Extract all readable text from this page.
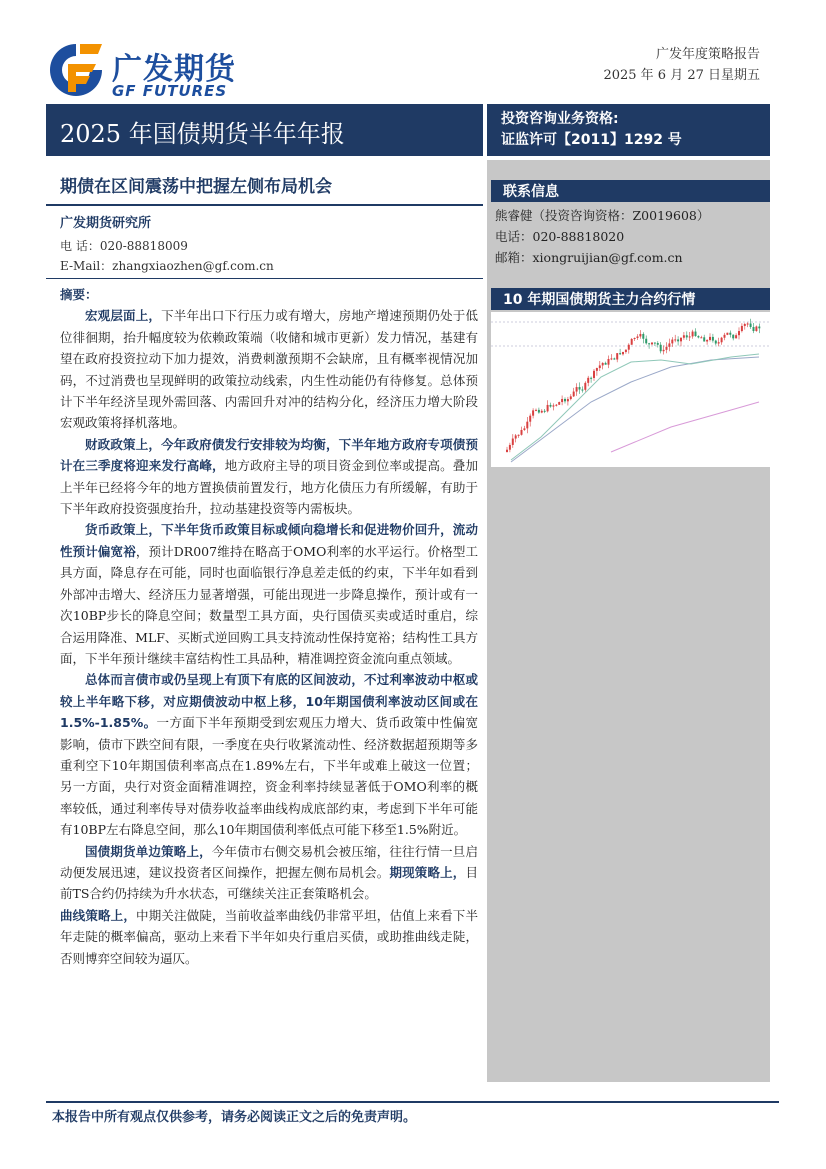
广发期货
GF FUTURES
广发年度策略报告
2025 年 6 月 27 日星期五
2025 年国债期货半年年报
投资咨询业务资格:
证监许可【2011】1292 号
期债在区间震荡中把握左侧布局机会	联系信息
熊睿健（投资咨询资格：Z0019608）
电话：020-88818020
邮箱：xiongruijian@gf.com.cn
10 年期国债期货主力合约行情
广发期货研究所
电 话：020-88818009
E-Mail：zhangxiaozhen@gf.com.cn
摘要：

宏观层面上，下半年出口下行压力或有增大，房地产增速预期仍处于低位徘徊期，抬升幅度较为依赖政策端（收储和城市更新）发力情况，基建有望在政府投资拉动下加力提效，消费刺激预期不会缺席，且有概率视情况加码，不过消费也呈现鲜明的政策拉动线索，内生性动能仍有待修复。总体预计下半年经济呈现外需回落、内需回升对冲的结构分化，经济压力增大阶段宏观政策将择机落地。

财政政策上，今年政府债发行安排较为均衡，下半年地方政府专项债预计在三季度将迎来发行高峰，地方政府主导的项目资金到位率或提高。叠加上半年已经将今年的地方置换债前置发行，地方化债压力有所缓解，有助于下半年政府投资强度抬升，拉动基建投资等内需板块。

货币政策上，下半年货币政策目标或倾向稳增长和促进物价回升，流动性预计偏宽裕，预计DR007维持在略高于OMO利率的水平运行。价格型工具方面，降息存在可能，同时也面临银行净息差走低的约束，下半年如看到外部冲击增大、经济压力显著增强，可能出现进一步降息操作，预计或有一次10BP步长的降息空间；数量型工具方面，央行国债买卖或适时重启，综合运用降准、MLF、买断式逆回购工具支持流动性保持宽裕；结构性工具方面，下半年预计继续丰富结构性工具品种，精准调控资金流向重点领域。

总体而言债市或仍呈现上有顶下有底的区间波动，不过利率波动中枢或较上半年略下移，对应期债波动中枢上移，10年期国债利率波动区间或在1.5%-1.85%。一方面下半年预期受到宏观压力增大、货币政策中性偏宽影响，债市下跌空间有限，一季度在央行收紧流动性、经济数据超预期等多重利空下10年期国债利率高点在1.89%左右，下半年或难上破这一位置；另一方面，央行对资金面精准调控，资金利率持续显著低于OMO利率的概率较低，通过利率传导对债券收益率曲线构成底部约束，考虑到下半年可能有10BP左右降息空间，那么10年期国债利率低点可能下移至1.5%附近。

国债期货单边策略上，今年债市右侧交易机会被压缩，往往行情一旦启动便发展迅速，建议投资者区间操作，把握左侧布局机会。期现策略上，目前TS合约仍持续为升水状态，可继续关注正套策略机会。

曲线策略上，中期关注做陡，当前收益率曲线仍非常平坦，估值上来看下半年走陡的概率偏高，驱动上来看下半年如央行重启买债，或助推曲线走陡，否则博弈空间较为逼仄。

本报告中所有观点仅供参考，请务必阅读正文之后的免责声明。
